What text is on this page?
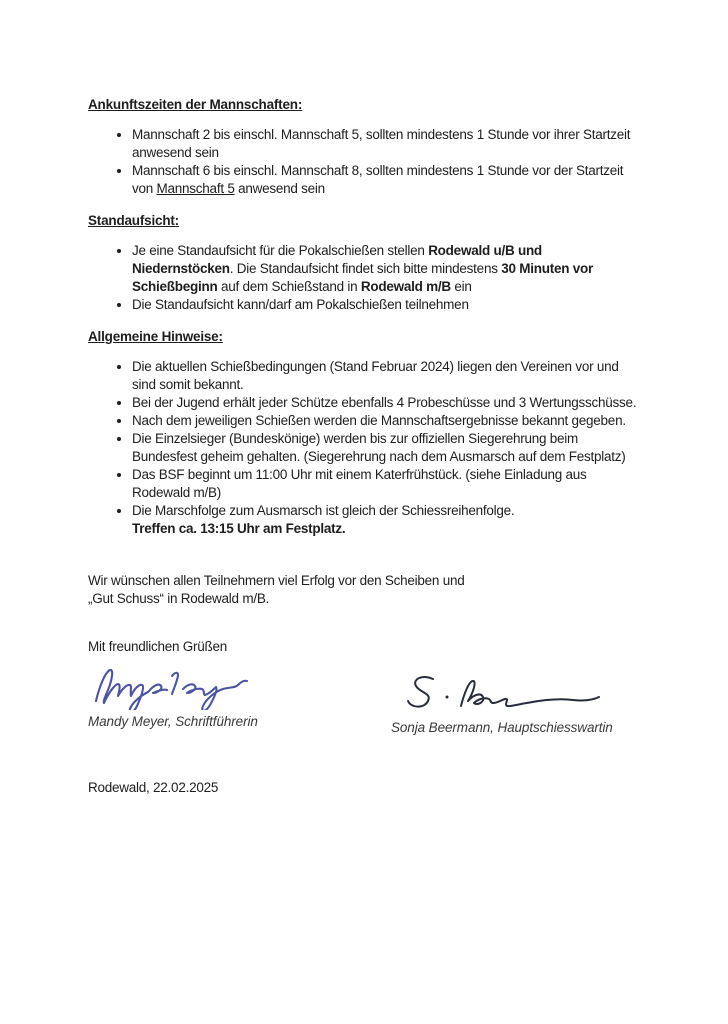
Ankunftszeiten der Mannschaften:
• Mannschaft 2 bis einschl. Mannschaft 5, sollten mindestens 1 Stunde vor ihrer Startzeit anwesend sein
• Mannschaft 6 bis einschl. Mannschaft 8, sollten mindestens 1 Stunde vor der Startzeit von Mannschaft 5 anwesend sein
Standaufsicht:
• Je eine Standaufsicht für die Pokalschießen stellen Rodewald u/B und Niedernstöcken. Die Standaufsicht findet sich bitte mindestens 30 Minuten vor Schießbeginn auf dem Schießstand in Rodewald m/B ein
• Die Standaufsicht kann/darf am Pokalschießen teilnehmen
Allgemeine Hinweise:
• Die aktuellen Schießbedingungen (Stand Februar 2024) liegen den Vereinen vor und sind somit bekannt.
• Bei der Jugend erhält jeder Schütze ebenfalls 4 Probeschüsse und 3 Wertungsschüsse.
• Nach dem jeweiligen Schießen werden die Mannschaftsergebnisse bekannt gegeben.
• Die Einzelsieger (Bundeskönige) werden bis zur offiziellen Siegerehrung beim Bundesfest geheim gehalten. (Siegerehrung nach dem Ausmarsch auf dem Festplatz)
• Das BSF beginnt um 11:00 Uhr mit einem Katerfrühstück. (siehe Einladung aus Rodewald m/B)
• Die Marschfolge zum Ausmarsch ist gleich der Schiessreihenfolge.
Treffen ca. 13:15 Uhr am Festplatz.
Wir wünschen allen Teilnehmern viel Erfolg vor den Scheiben und
„Gut Schuss“ in Rodewald m/B.
Mit freundlichen Grüßen
Mandy Meyer, Schriftführerin	Sonja Beermann, Hauptschiesswartin
Rodewald, 22.02.2025
